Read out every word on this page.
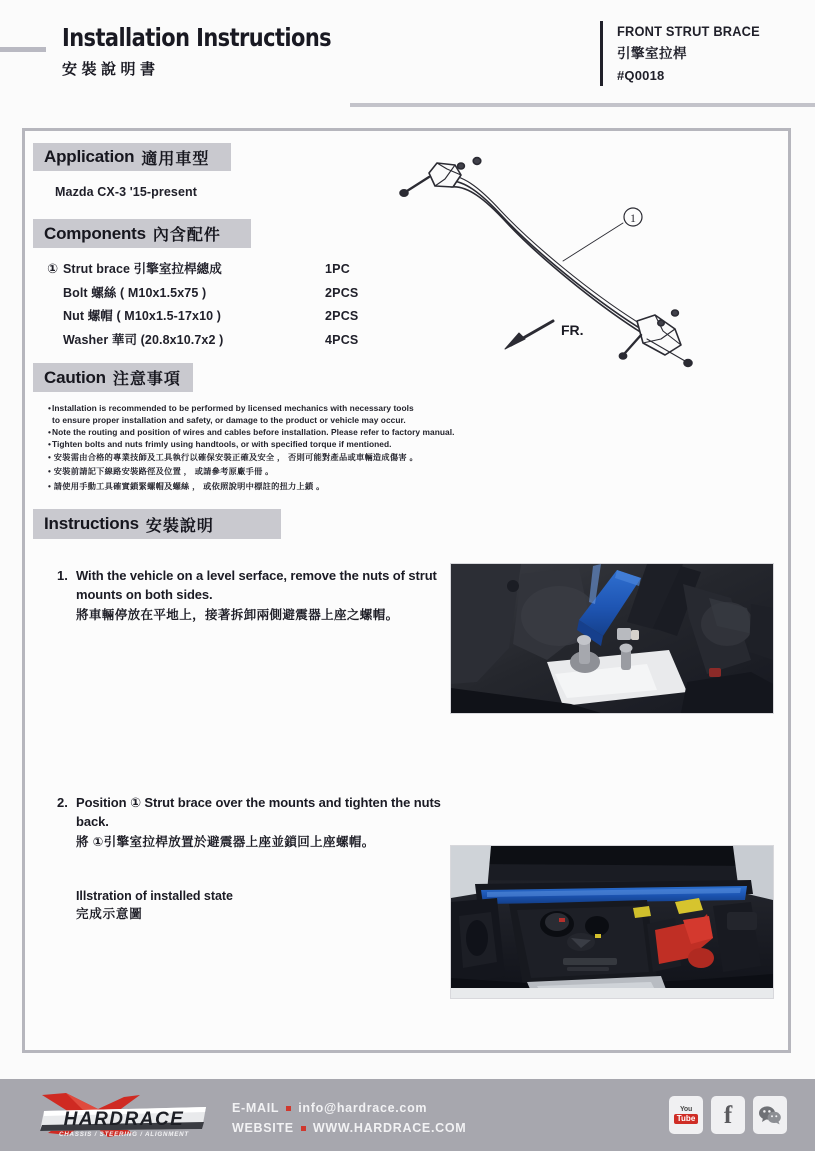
Installation Instructions
安裝說明書
FRONT STRUT BRACE
引擎室拉桿
#Q0018
Application 適用車型
Mazda CX-3 '15-present
Components 內含配件
① Strut brace 引擎室拉桿總成	1PC
Bolt 螺絲 ( M10x1.5x75 )	2PCS
Nut 螺帽 ( M10x1.5-17x10 )	2PCS
Washer 華司 (20.8x10.7x2 )	4PCS
Caution 注意事項
•Installation is recommended to be performed by licensed mechanics with necessary tools
to ensure proper installation and safety, or damage to the product or vehicle may occur.
•Note the routing and position of wires and cables before installation. Please refer to factory manual.
•Tighten bolts and nuts frimly using handtools, or with specified torque if mentioned.
• 安裝需由合格的專業技師及工具執行以確保安裝正確及安全 ， 否則可能對產品或車輛造成傷害 。
• 安裝前請記下線路安裝路徑及位置 ， 或請參考原廠手冊 。
• 請使用手動工具確實鎖緊螺帽及螺絲 ， 或依照說明中標註的扭力上鎖 。
Instructions 安裝說明
1. With the vehicle on a level serface, remove the nuts of strut mounts on both sides.
將車輛停放在平地上，接著拆卸兩側避震器上座之螺帽。
2. Position ① Strut brace over the mounts and tighten the nuts back.
將 ①引擎室拉桿放置於避震器上座並鎖回上座螺帽。
Illstration of installed state
完成示意圖
1
FR.
HARDRACE
CHASSIS / STEERING / ALIGNMENT
E-MAIL info@hardrace.com
WEBSITE WWW.HARDRACE.COM
You
Tube f
